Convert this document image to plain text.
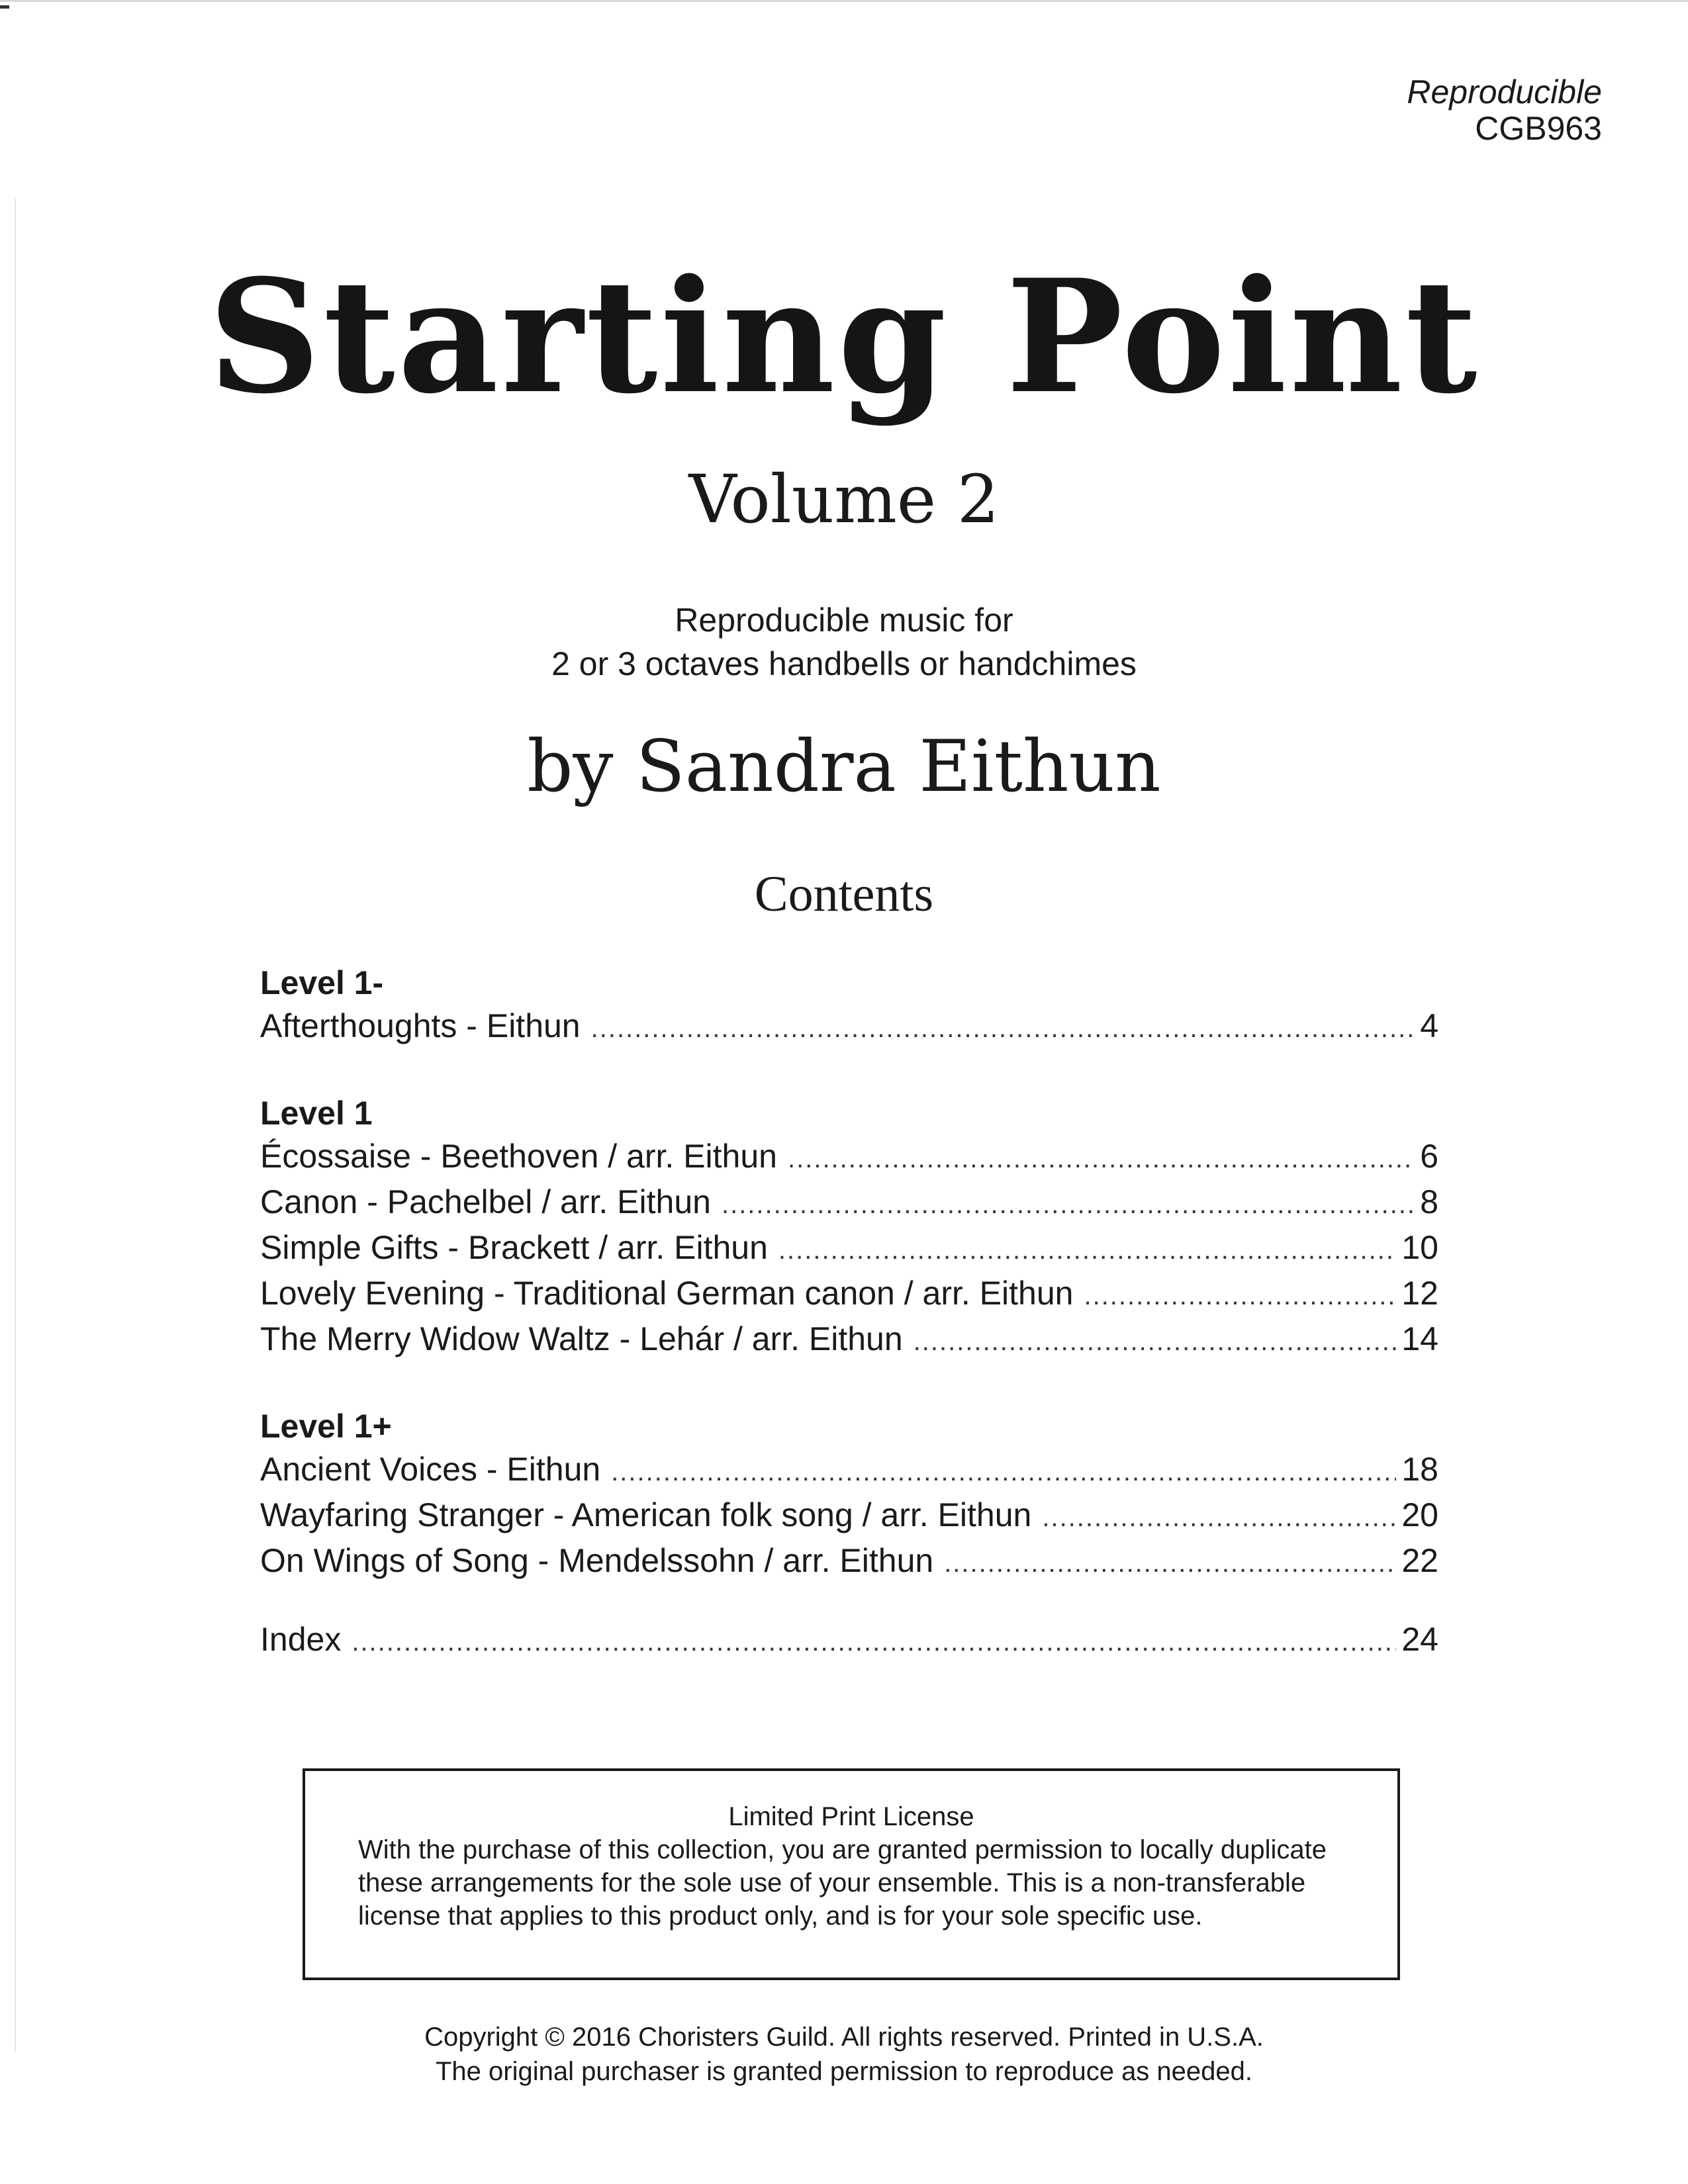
Reproducible
CGB963
Starting Point
Volume 2
Reproducible music for
2 or 3 octaves handbells or handchimes
by Sandra Eithun
Contents
Level 1-
Afterthoughts - Eithun .....	4
Level 1
Écossaise - Beethoven / arr. Eithun .....	6
Canon - Pachelbel / arr. Eithun .....	8
Simple Gifts - Brackett / arr. Eithun .....	10
Lovely Evening - Traditional German canon / arr. Eithun .....	12
The Merry Widow Waltz - Lehár / arr. Eithun .....	14
Level 1+
Ancient Voices - Eithun .....	18
Wayfaring Stranger - American folk song / arr. Eithun .....	20
On Wings of Song - Mendelssohn / arr. Eithun .....	22
Index .....	24
Limited Print License
With the purchase of this collection, you are granted permission to locally duplicate these arrangements for the sole use of your ensemble. This is a non-transferable license that applies to this product only, and is for your sole specific use.
Copyright © 2016 Choristers Guild. All rights reserved. Printed in U.S.A.
The original purchaser is granted permission to reproduce as needed.
